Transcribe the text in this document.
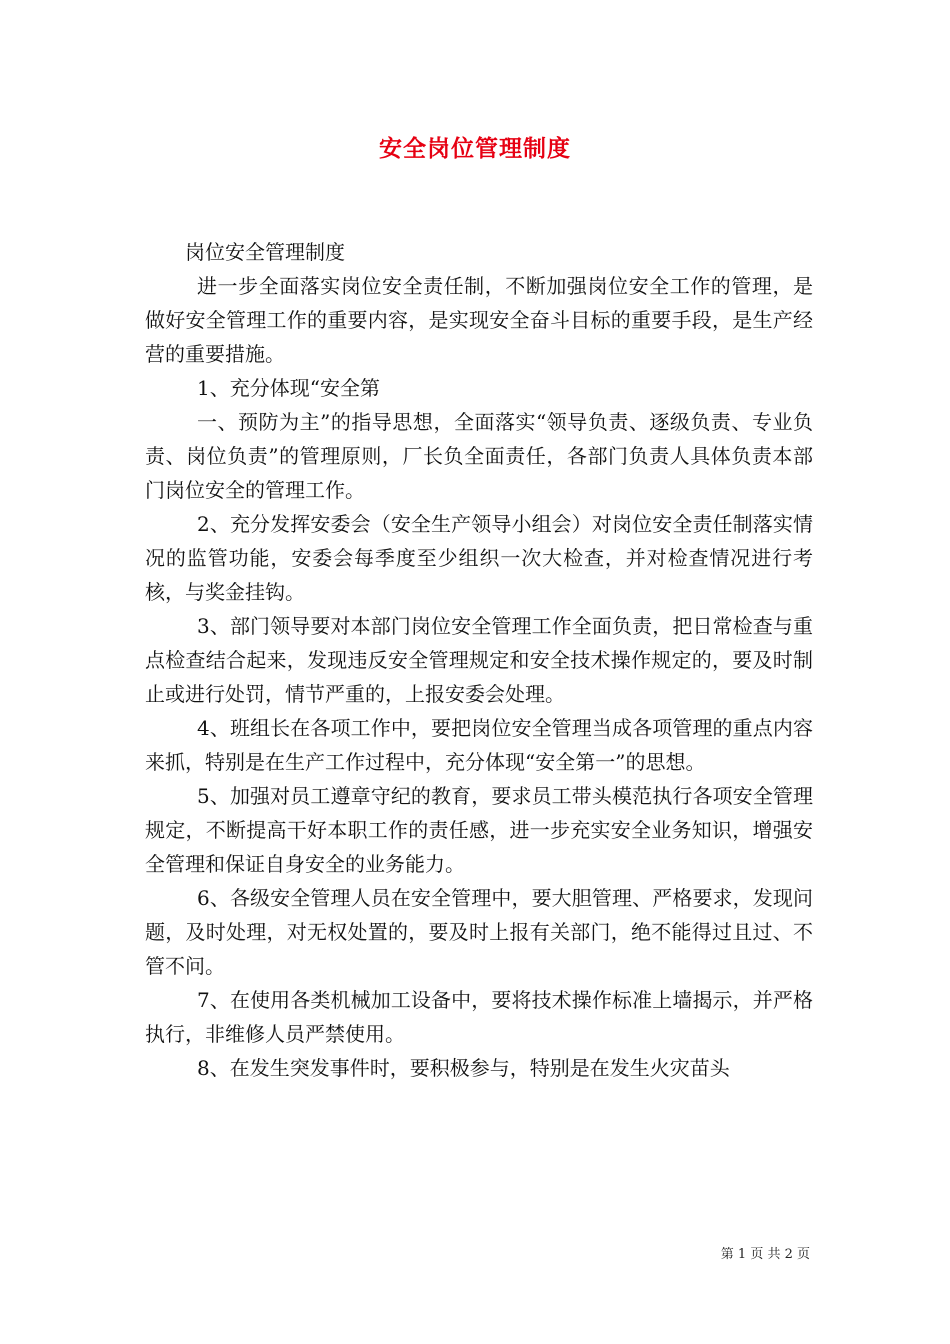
安全岗位管理制度

岗位安全管理制度

进一步全面落实岗位安全责任制，不断加强岗位安全工作的管理，是做好安全管理工作的重要内容，是实现安全奋斗目标的重要手段，是生产经营的重要措施。

1、充分体现“安全第

一、预防为主”的指导思想，全面落实“领导负责、逐级负责、专业负责、岗位负责”的管理原则，厂长负全面责任，各部门负责人具体负责本部门岗位安全的管理工作。

2、充分发挥安委会（安全生产领导小组会）对岗位安全责任制落实情况的监管功能，安委会每季度至少组织一次大检查，并对检查情况进行考核，与奖金挂钩。

3、部门领导要对本部门岗位安全管理工作全面负责，把日常检查与重点检查结合起来，发现违反安全管理规定和安全技术操作规定的，要及时制止或进行处罚，情节严重的，上报安委会处理。

4、班组长在各项工作中，要把岗位安全管理当成各项管理的重点内容来抓，特别是在生产工作过程中，充分体现“安全第一”的思想。

5、加强对员工遵章守纪的教育，要求员工带头模范执行各项安全管理规定，不断提高干好本职工作的责任感，进一步充实安全业务知识，增强安全管理和保证自身安全的业务能力。

6、各级安全管理人员在安全管理中，要大胆管理、严格要求，发现问题，及时处理，对无权处置的，要及时上报有关部门，绝不能得过且过、不管不问。

7、在使用各类机械加工设备中，要将技术操作标准上墙揭示，并严格执行，非维修人员严禁使用。

8、在发生突发事件时，要积极参与，特别是在发生火灾苗头

第 1 页 共 2 页
